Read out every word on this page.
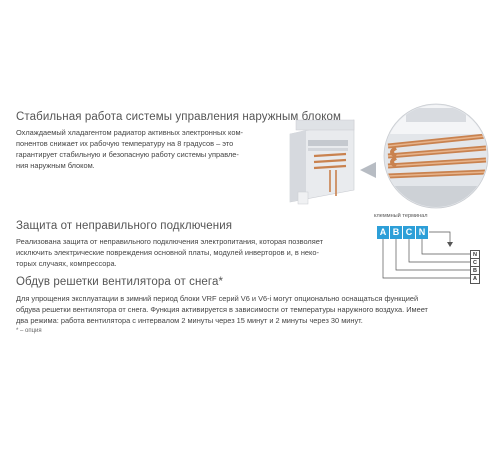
Стабильная работа системы управления наружным блоком
Охлаждаемый хладагентом радиатор активных электронных ком-
понентов снижает их рабочую температуру на 8 градусов – это
гарантирует стабильную и безопасную работу системы управле-
ния наружным блоком.
Защита от неправильного подключения
Реализована защита от неправильного подключения электропитания, которая позволяет
исключить электрические повреждения основной платы, модулей инверторов и, в неко-
торых случаях, компрессора.
клеммный терминал
A B C N
N
C
B
A
Обдув решетки вентилятора от снега*
Для упрощения эксплуатации в зимний период блоки VRF серий V6 и V6-i могут опционально оснащаться функцией
обдува решетки вентилятора от снега. Функция активируется в зависимости от температуры наружного воздуха. Имеет
два режима: работа вентилятора с интервалом 2 минуты через 15 минут и 2 минуты через 30 минут.
* – опция
